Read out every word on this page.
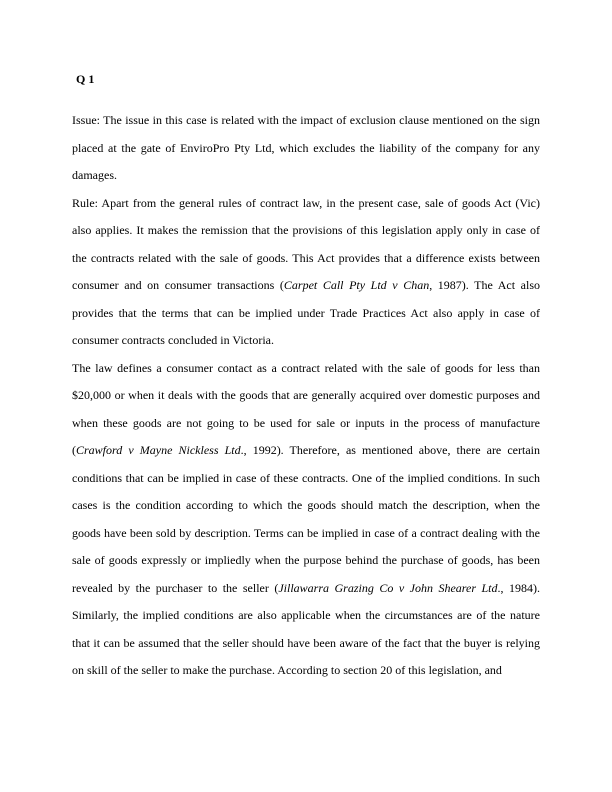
Q 1

Issue: The issue in this case is related with the impact of exclusion clause mentioned on the sign placed at the gate of EnviroPro Pty Ltd, which excludes the liability of the company for any damages.

Rule: Apart from the general rules of contract law, in the present case, sale of goods Act (Vic) also applies. It makes the remission that the provisions of this legislation apply only in case of the contracts related with the sale of goods. This Act provides that a difference exists between consumer and on consumer transactions (Carpet Call Pty Ltd v Chan, 1987). The Act also provides that the terms that can be implied under Trade Practices Act also apply in case of consumer contracts concluded in Victoria.

The law defines a consumer contact as a contract related with the sale of goods for less than $20,000 or when it deals with the goods that are generally acquired over domestic purposes and when these goods are not going to be used for sale or inputs in the process of manufacture (Crawford v Mayne Nickless Ltd., 1992). Therefore, as mentioned above, there are certain conditions that can be implied in case of these contracts. One of the implied conditions. In such cases is the condition according to which the goods should match the description, when the goods have been sold by description. Terms can be implied in case of a contract dealing with the sale of goods expressly or impliedly when the purpose behind the purchase of goods, has been revealed by the purchaser to the seller (Jillawarra Grazing Co v John Shearer Ltd., 1984). Similarly, the implied conditions are also applicable when the circumstances are of the nature that it can be assumed that the seller should have been aware of the fact that the buyer is relying on skill of the seller to make the purchase. According to section 20 of this legislation, and
